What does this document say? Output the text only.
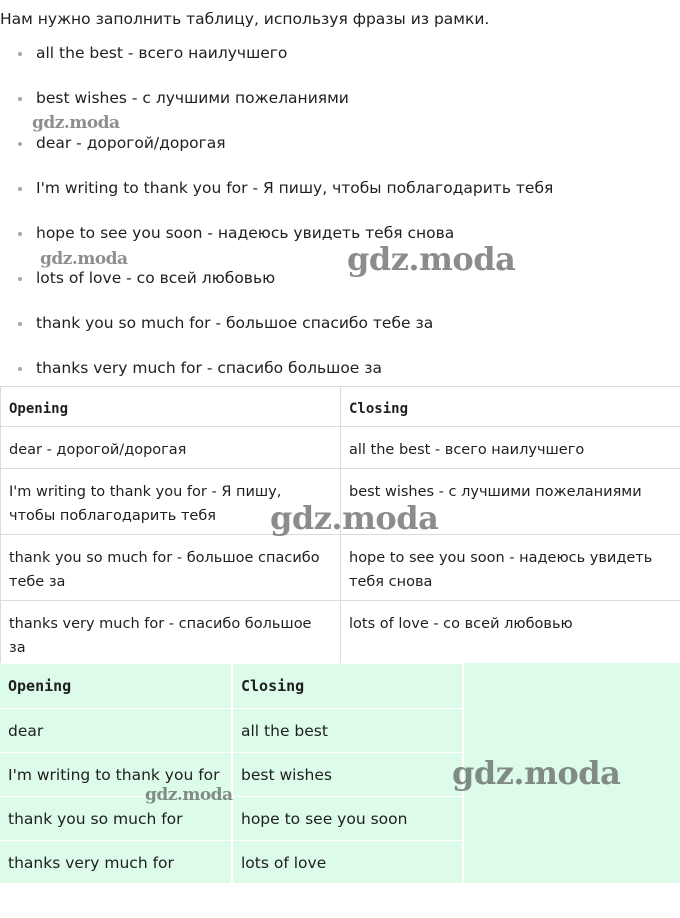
Нам нужно заполнить таблицу, используя фразы из рамки.
all the best - всего наилучшего
best wishes - с лучшими пожеланиями
dear - дорогой/дорогая
I'm writing to thank you for - Я пишу, чтобы поблагодарить тебя
hope to see you soon - надеюсь увидеть тебя снова
lots of love - со всей любовью
thank you so much for - большое спасибо тебе за
thanks very much for - спасибо большое за
Opening	Closing
dear - дорогой/дорогая	all the best - всего наилучшего
I'm writing to thank you for - Я пишу, чтобы поблагодарить тебя	best wishes - с лучшими пожеланиями
thank you so much for - большое спасибо тебе за	hope to see you soon - надеюсь увидеть тебя снова
thanks very much for - спасибо большое за	lots of love - со всей любовью
Opening	Closing
dear	all the best
I'm writing to thank you for	best wishes
thank you so much for	hope to see you soon
thanks very much for	lots of love
gdz.moda
gdz.moda	gdz.moda
gdz.moda
gdz.moda
gdz.moda
